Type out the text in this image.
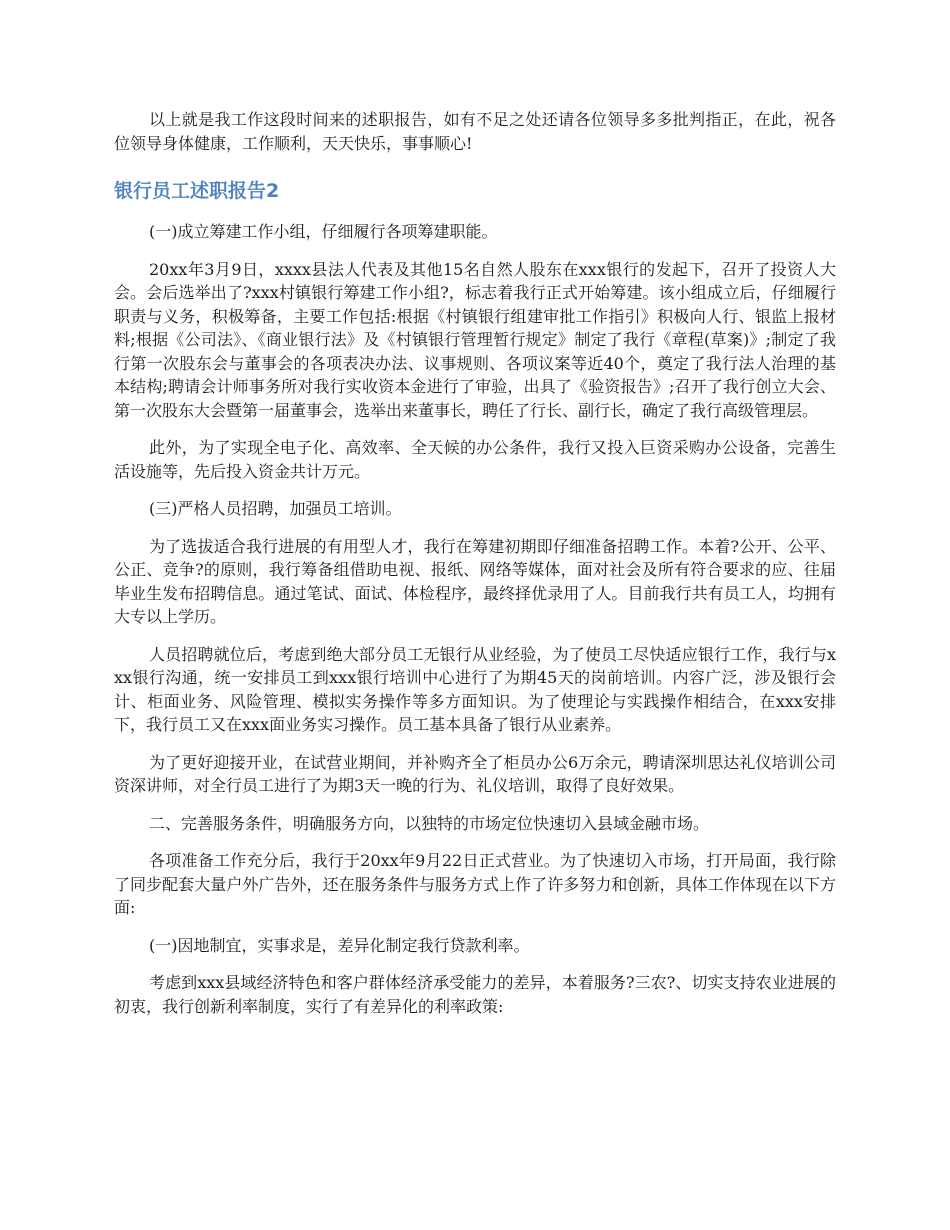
以上就是我工作这段时间来的述职报告，如有不足之处还请各位领导多多批判指正，在此，祝各位领导身体健康，工作顺利，天天快乐，事事顺心!

银行员工述职报告2

(一)成立筹建工作小组，仔细履行各项筹建职能。

20xx年3月9日，xxxx县法人代表及其他15名自然人股东在xxx银行的发起下，召开了投资人大会。会后选举出了?xxx村镇银行筹建工作小组?，标志着我行正式开始筹建。该小组成立后，仔细履行职责与义务，积极筹备，主要工作包括:根据《村镇银行组建审批工作指引》积极向人行、银监上报材料;根据《公司法》、《商业银行法》及《村镇银行管理暂行规定》制定了我行《章程(草案)》;制定了我行第一次股东会与董事会的各项表决办法、议事规则、各项议案等近40个，奠定了我行法人治理的基本结构;聘请会计师事务所对我行实收资本金进行了审验，出具了《验资报告》;召开了我行创立大会、第一次股东大会暨第一届董事会，选举出来董事长，聘任了行长、副行长，确定了我行高级管理层。

此外，为了实现全电子化、高效率、全天候的办公条件，我行又投入巨资采购办公设备，完善生活设施等，先后投入资金共计万元。

(三)严格人员招聘，加强员工培训。

为了选拔适合我行进展的有用型人才，我行在筹建初期即仔细准备招聘工作。本着?公开、公平、公正、竞争?的原则，我行筹备组借助电视、报纸、网络等媒体，面对社会及所有符合要求的应、往届毕业生发布招聘信息。通过笔试、面试、体检程序，最终择优录用了人。目前我行共有员工人，均拥有大专以上学历。

人员招聘就位后，考虑到绝大部分员工无银行从业经验，为了使员工尽快适应银行工作，我行与xxx银行沟通，统一安排员工到xxx银行培训中心进行了为期45天的岗前培训。内容广泛，涉及银行会计、柜面业务、风险管理、模拟实务操作等多方面知识。为了使理论与实践操作相结合，在xxx安排下，我行员工又在xxx面业务实习操作。员工基本具备了银行从业素养。

为了更好迎接开业，在试营业期间，并补购齐全了柜员办公6万余元，聘请深圳思达礼仪培训公司资深讲师，对全行员工进行了为期3天一晚的行为、礼仪培训，取得了良好效果。

二、完善服务条件，明确服务方向，以独特的市场定位快速切入县域金融市场。

各项准备工作充分后，我行于20xx年9月22日正式营业。为了快速切入市场，打开局面，我行除了同步配套大量户外广告外，还在服务条件与服务方式上作了许多努力和创新，具体工作体现在以下方面:

(一)因地制宜，实事求是，差异化制定我行贷款利率。

考虑到xxx县域经济特色和客户群体经济承受能力的差异，本着服务?三农?、切实支持农业进展的初衷，我行创新利率制度，实行了有差异化的利率政策:
